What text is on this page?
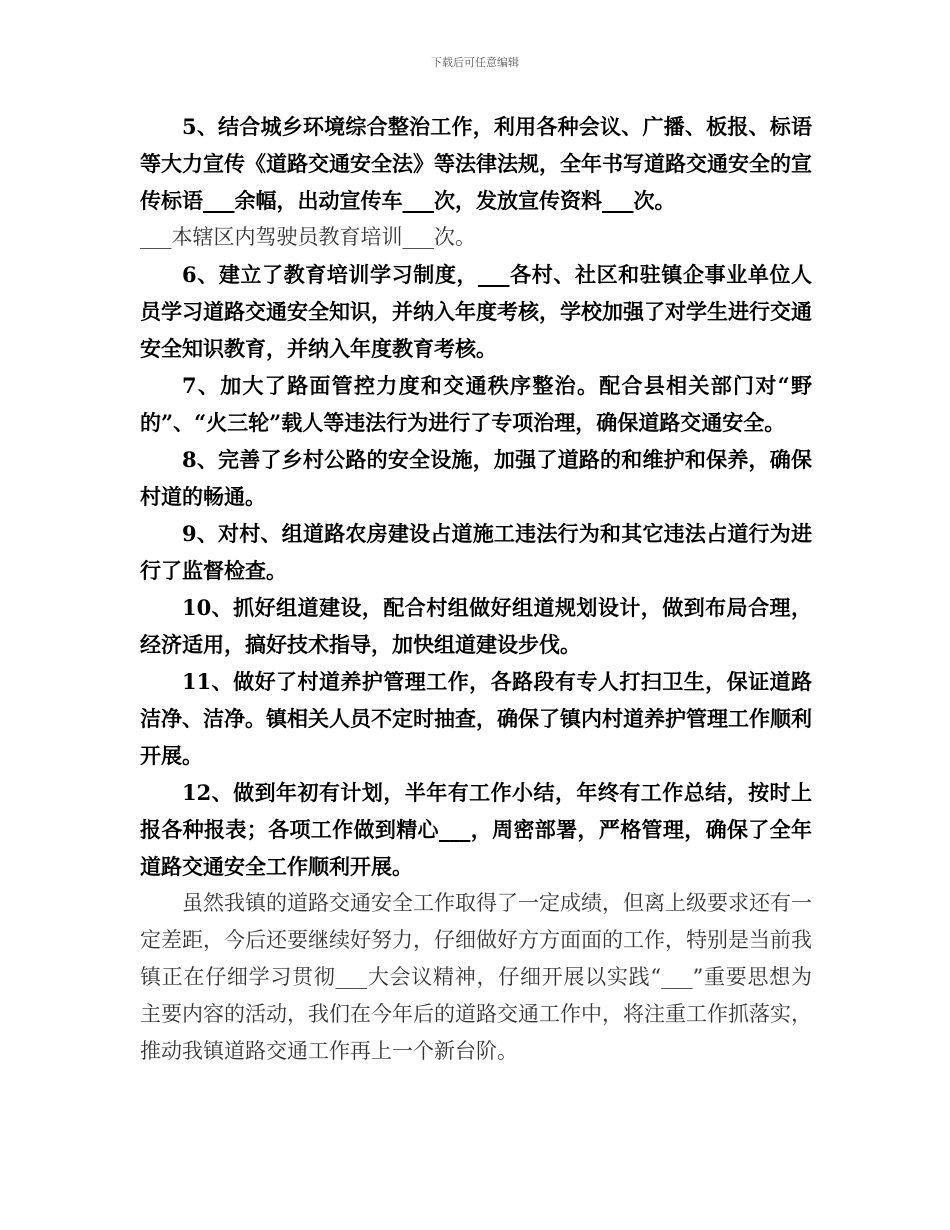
下载后可任意编辑

5、结合城乡环境综合整治工作，利用各种会议、广播、板报、标语等大力宣传《道路交通安全法》等法律法规，全年书写道路交通安全的宣传标语___余幅，出动宣传车___次，发放宣传资料___次。

___本辖区内驾驶员教育培训___次。

6、建立了教育培训学习制度，___各村、社区和驻镇企事业单位人员学习道路交通安全知识，并纳入年度考核，学校加强了对学生进行交通安全知识教育，并纳入年度教育考核。

7、加大了路面管控力度和交通秩序整治。配合县相关部门对“野的”、“火三轮”载人等违法行为进行了专项治理，确保道路交通安全。

8、完善了乡村公路的安全设施，加强了道路的和维护和保养，确保村道的畅通。

9、对村、组道路农房建设占道施工违法行为和其它违法占道行为进行了监督检查。

10、抓好组道建设，配合村组做好组道规划设计，做到布局合理，经济适用，搞好技术指导，加快组道建设步伐。

11、做好了村道养护管理工作，各路段有专人打扫卫生，保证道路洁净、洁净。镇相关人员不定时抽查，确保了镇内村道养护管理工作顺利开展。

12、做到年初有计划，半年有工作小结，年终有工作总结，按时上报各种报表；各项工作做到精心___，周密部署，严格管理，确保了全年道路交通安全工作顺利开展。

虽然我镇的道路交通安全工作取得了一定成绩，但离上级要求还有一定差距，今后还要继续好努力，仔细做好方方面面的工作，特别是当前我镇正在仔细学习贯彻___大会议精神，仔细开展以实践“___”重要思想为主要内容的活动，我们在今年后的道路交通工作中，将注重工作抓落实，推动我镇道路交通工作再上一个新台阶。
